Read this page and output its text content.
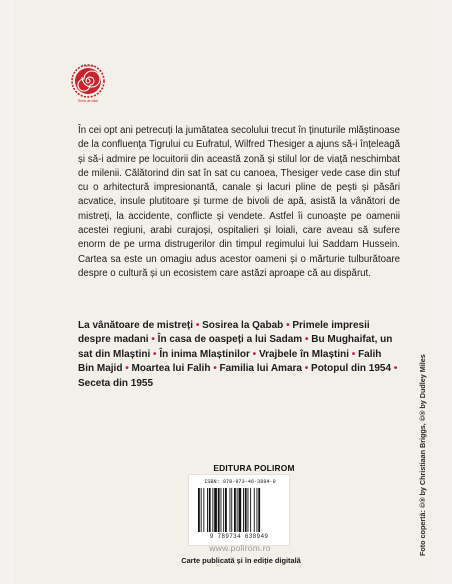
Historia
Seria de hărți

În cei opt ani petrecuți la jumătatea secolului trecut în ținuturile mlăștinoase de la confluența Tigrului cu Eufratul, Wilfred Thesiger a ajuns să-i înțeleagă și să-i admire pe locuitorii din această zonă și stilul lor de viață neschimbat de milenii. Călătorind din sat în sat cu canoea, Thesiger vede case din stuf cu o arhitectură impresionantă, canale și lacuri pline de pești și păsări acvatice, insule plutitoare și turme de bivoli de apă, asistă la vânători de mistreți, la accidente, conflicte și vendete. Astfel îi cunoaște pe oamenii acestei regiuni, arabi curajoși, ospitalieri și loiali, care aveau să sufere enorm de pe urma distrugerilor din timpul regimului lui Saddam Hussein. Cartea sa este un omagiu adus acestor oameni și o mărturie tulburătoare despre o cultură și un ecosistem care astăzi aproape că au dispărut.

La vânătoare de mistreți • Sosirea la Qabab • Primele impresii despre madani • În casa de oaspeți a lui Sadam • Bu Mughaifat, un sat din Mlaștini • În inima Mlaștinilor • Vrajbele în Mlaștini • Falih Bin Majid • Moartea lui Falih • Familia lui Amara • Potopul din 1954 • Seceta din 1955
EDITURA POLIROM
ISBN: 978-973-46-3894-9
9 789734 638949
www.polirom.ro
Carte publicată și în ediție digitală
Foto copertă: ©® by Christiaan Briggs, ©® by Dudley Miles
